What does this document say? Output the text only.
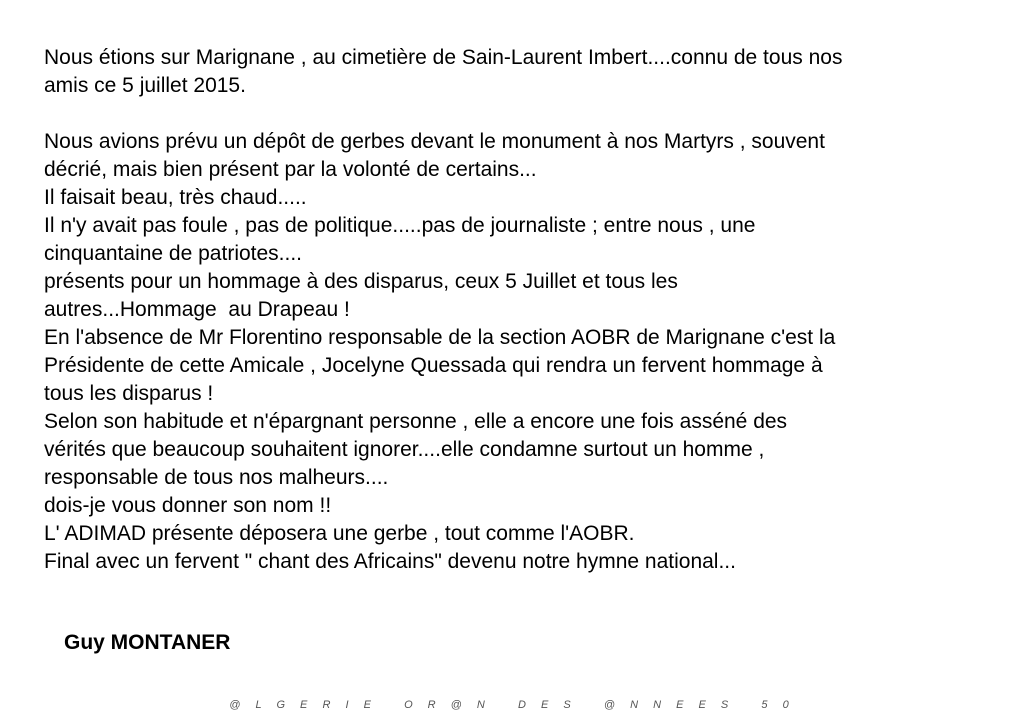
Nous étions sur Marignane , au cimetière de Sain-Laurent Imbert....connu de tous nos
amis ce 5 juillet 2015.
Nous avions prévu un dépôt de gerbes devant le monument à nos Martyrs , souvent
décrié, mais bien présent par la volonté de certains...
Il faisait beau, très chaud.....
Il n'y avait pas foule , pas de politique.....pas de journaliste ; entre nous , une
cinquantaine de patriotes....
présents pour un hommage à des disparus, ceux 5 Juillet et tous les
autres...Hommage  au Drapeau !
En l'absence de Mr Florentino responsable de la section AOBR de Marignane c'est la
Présidente de cette Amicale , Jocelyne Quessada qui rendra un fervent hommage à
tous les disparus !
Selon son habitude et n'épargnant personne , elle a encore une fois asséné des
vérités que beaucoup souhaitent ignorer....elle condamne surtout un homme ,
responsable de tous nos malheurs....
dois-je vous donner son nom !!
L' ADIMAD présente déposera une gerbe , tout comme l'AOBR.
Final avec un fervent " chant des Africains" devenu notre hymne national...
Guy MONTANER
@ L G E R I E   O R @ N   D E S   @ N N E E S   5 0
